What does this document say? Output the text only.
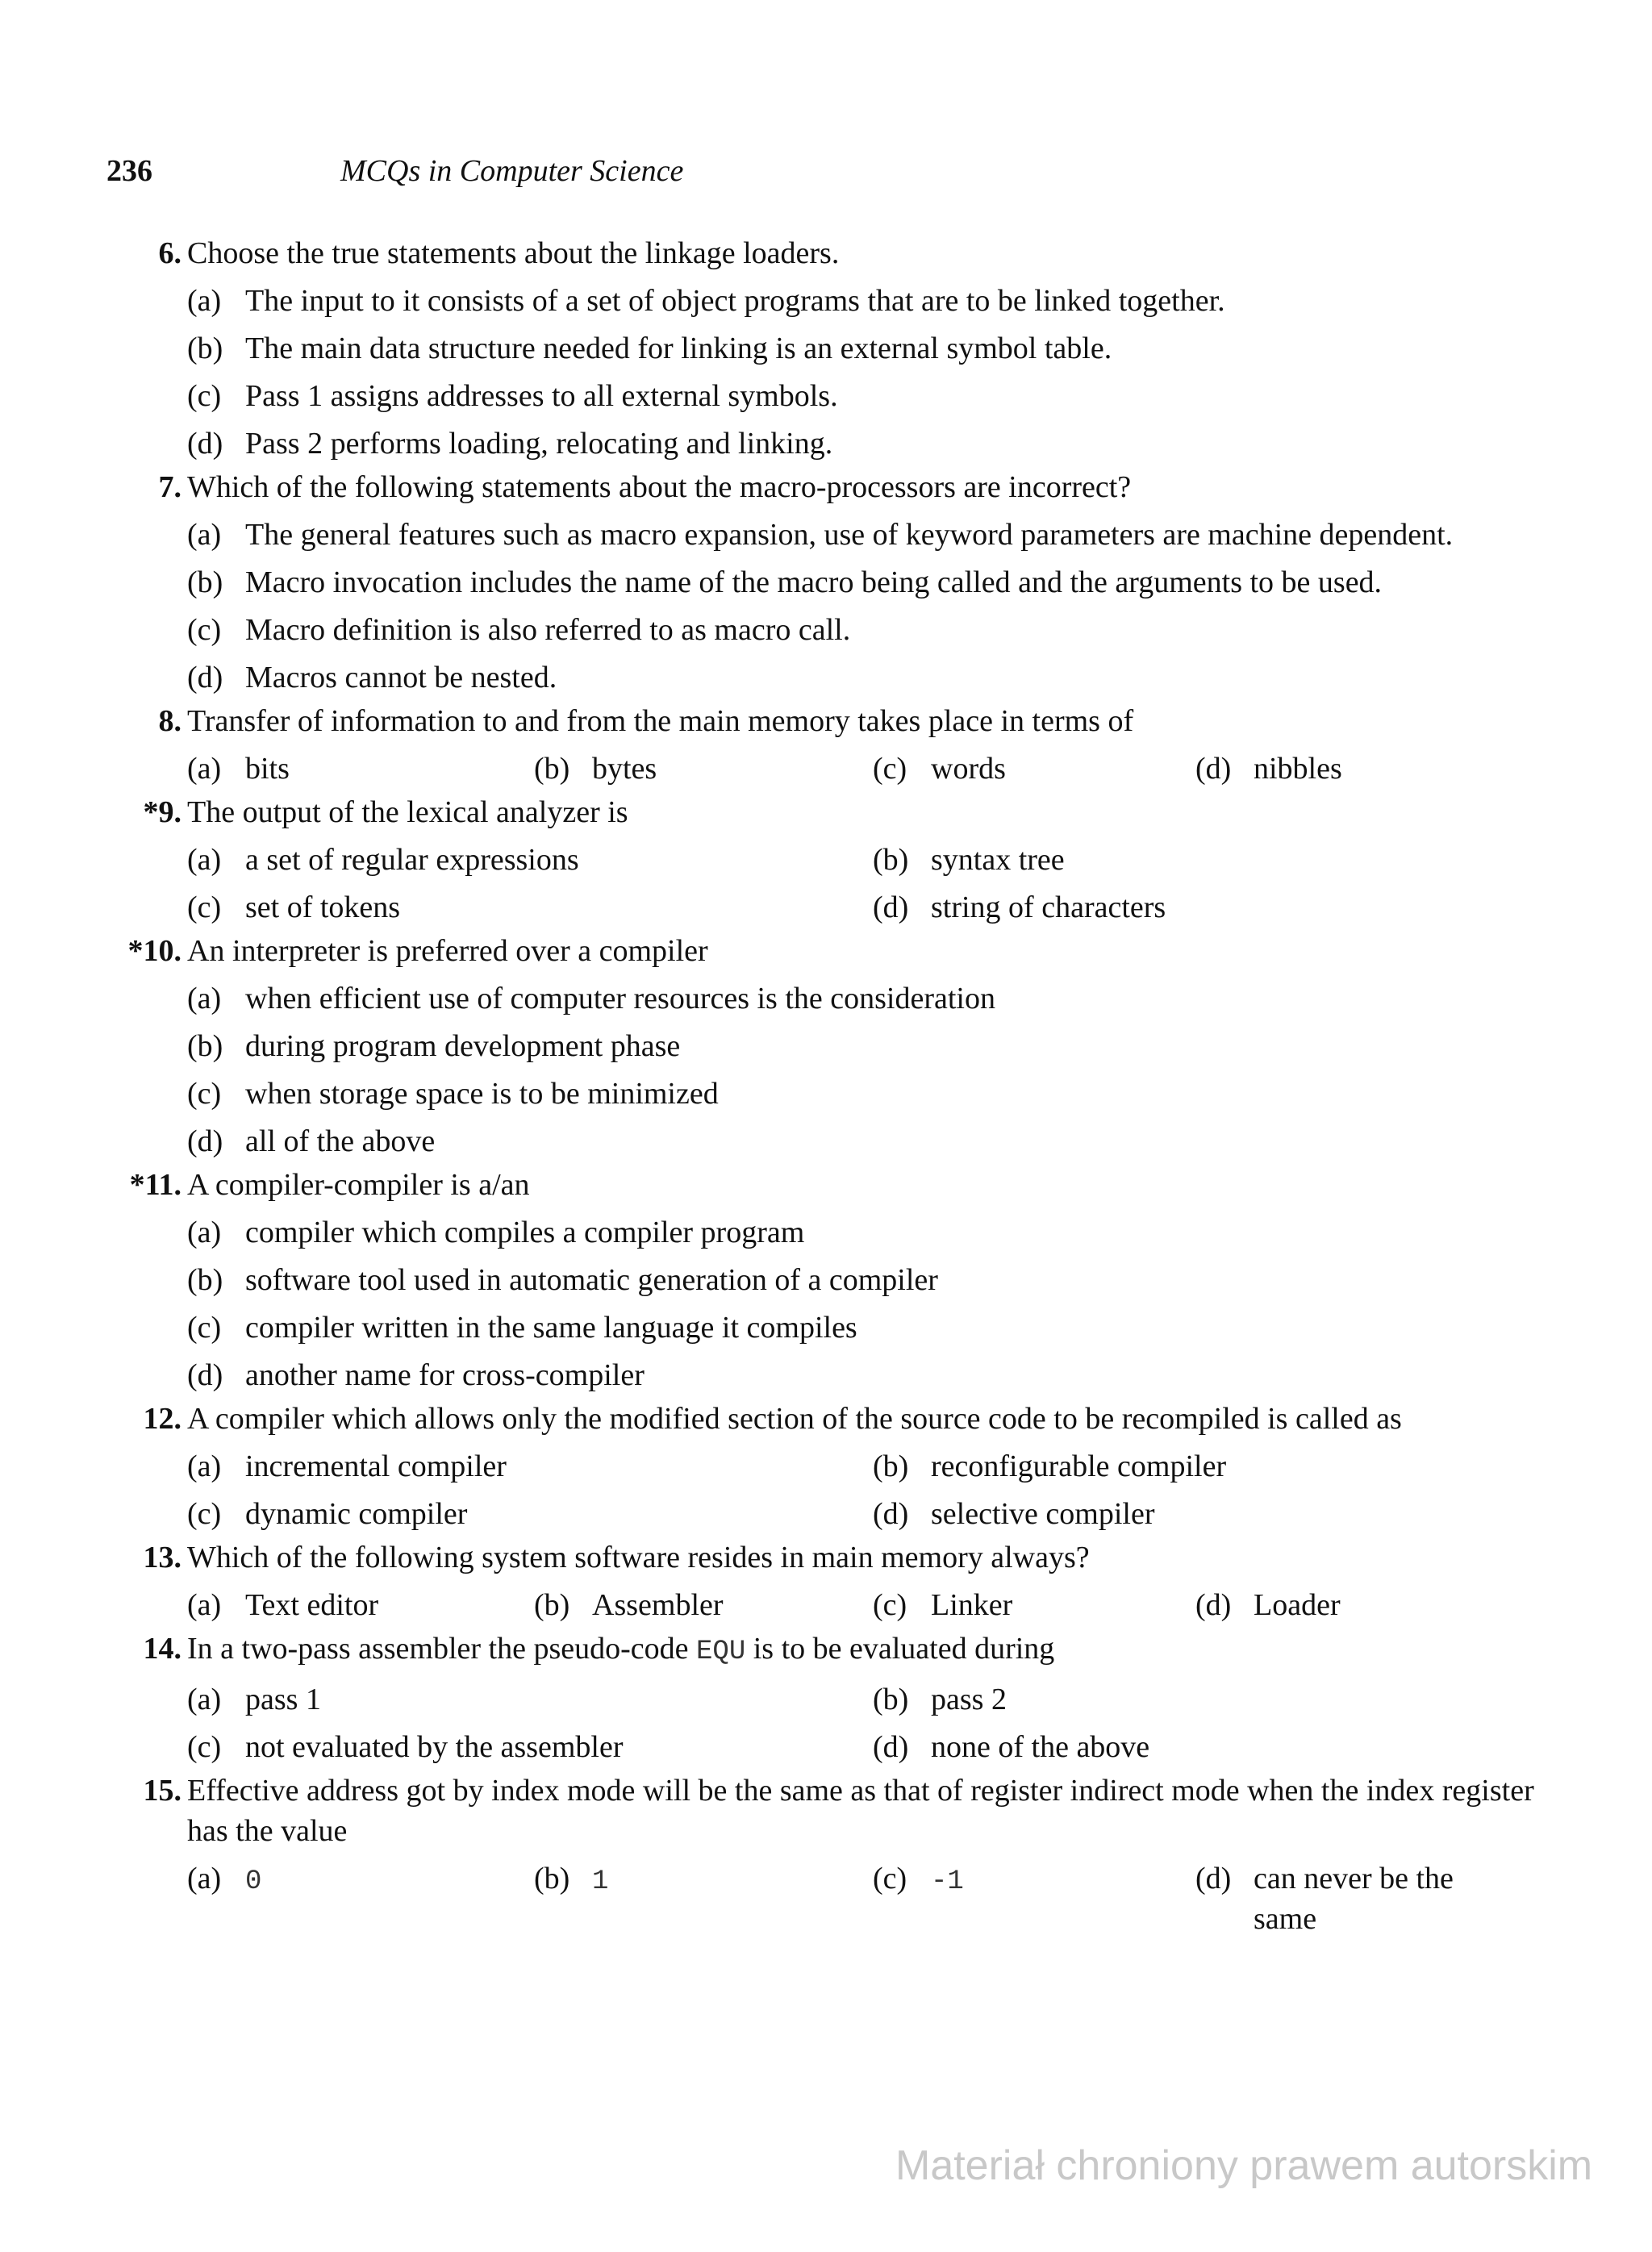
236	MCQs in Computer Science
6. Choose the true statements about the linkage loaders.
(a) The input to it consists of a set of object programs that are to be linked together.
(b) The main data structure needed for linking is an external symbol table.
(c) Pass 1 assigns addresses to all external symbols.
(d) Pass 2 performs loading, relocating and linking.
7. Which of the following statements about the macro-processors are incorrect?
(a) The general features such as macro expansion, use of keyword parameters are machine dependent.
(b) Macro invocation includes the name of the macro being called and the arguments to be used.
(c) Macro definition is also referred to as macro call.
(d) Macros cannot be nested.
8. Transfer of information to and from the main memory takes place in terms of
(a) bits	(b) bytes	(c) words	(d) nibbles
*9. The output of the lexical analyzer is
(a) a set of regular expressions	(b) syntax tree
(c) set of tokens	(d) string of characters
*10. An interpreter is preferred over a compiler
(a) when efficient use of computer resources is the consideration
(b) during program development phase
(c) when storage space is to be minimized
(d) all of the above
*11. A compiler-compiler is a/an
(a) compiler which compiles a compiler program
(b) software tool used in automatic generation of a compiler
(c) compiler written in the same language it compiles
(d) another name for cross-compiler
12. A compiler which allows only the modified section of the source code to be recompiled is called as
(a) incremental compiler	(b) reconfigurable compiler
(c) dynamic compiler	(d) selective compiler
13. Which of the following system software resides in main memory always?
(a) Text editor	(b) Assembler	(c) Linker	(d) Loader
14. In a two-pass assembler the pseudo-code EQU is to be evaluated during
(a) pass 1	(b) pass 2
(c) not evaluated by the assembler	(d) none of the above
15. Effective address got by index mode will be the same as that of register indirect mode when the index register has the value
(a) 0	(b) 1	(c) -1	(d) can never be the same
Materiał chroniony prawem autorskim
